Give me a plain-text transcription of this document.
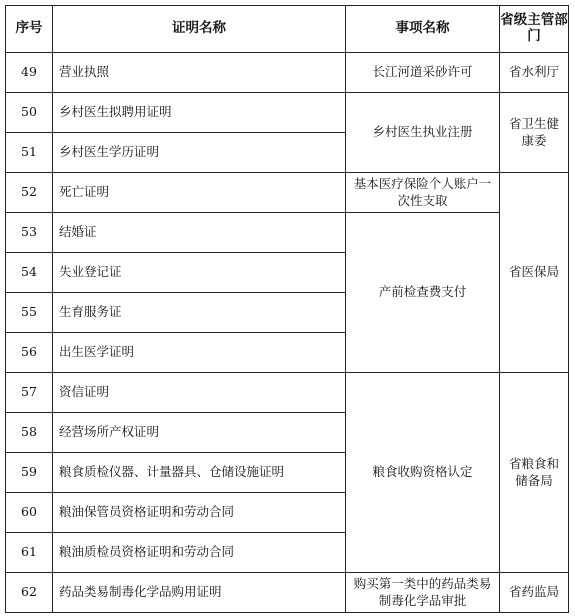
序号	证明名称	事项名称	省级主管部门
49	营业执照	长江河道采砂许可	省水利厅
50	乡村医生拟聘用证明	乡村医生执业注册	省卫生健康委
51	乡村医生学历证明		
52	死亡证明	基本医疗保险个人账户一次性支取	省医保局
53	结婚证	产前检查费支付	
54	失业登记证		
55	生育服务证		
56	出生医学证明		
57	资信证明	粮食收购资格认定	省粮食和储备局
58	经营场所产权证明		
59	粮食质检仪器、计量器具、仓储设施证明		
60	粮油保管员资格证明和劳动合同		
61	粮油质检员资格证明和劳动合同		
62	药品类易制毒化学品购用证明	购买第一类中的药品类易制毒化学品审批	省药监局
